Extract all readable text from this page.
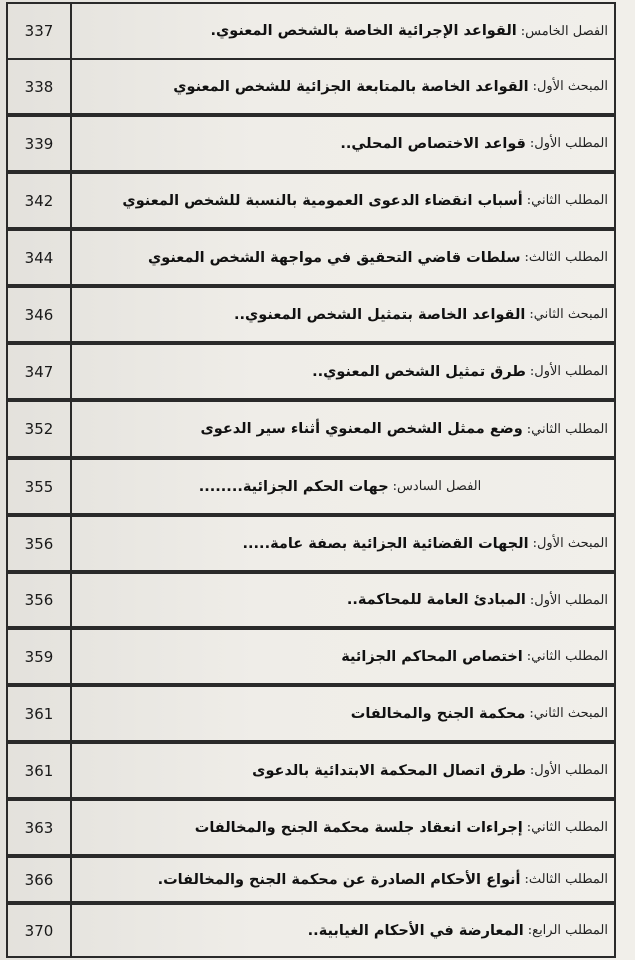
337	الفصل الخامس:
القواعد الإجرائية الخاصة بالشخص المعنوي.
338	المبحث الأول:
القواعد الخاصة بالمتابعة الجزائية للشخص المعنوي
339	المطلب الأول:
قواعد الاختصاص المحلي..
342	المطلب الثاني:
أسباب انقضاء الدعوى العمومية بالنسبة للشخص المعنوي
344	المطلب الثالث:
سلطات قاضي التحقيق في مواجهة الشخص المعنوي
346	المبحث الثاني:
القواعد الخاصة بتمثيل الشخص المعنوي..
347	المطلب الأول:
طرق تمثيل الشخص المعنوي..
352	المطلب الثاني:
وضع ممثل الشخص المعنوي أثناء سير الدعوى
355	الفصل السادس:
جهات الحكم الجزائية........
356	المبحث الأول:
الجهات القضائية الجزائية بصفة عامة.....
356	المطلب الأول:
المبادئ العامة للمحاكمة..
359	المطلب الثاني:
اختصاص المحاكم الجزائية
361	المبحث الثاني:
محكمة الجنح والمخالفات
361	المطلب الأول:
طرق اتصال المحكمة الابتدائية بالدعوى
363	المطلب الثاني:
إجراءات انعقاد جلسة محكمة الجنح والمخالفات
366	المطلب الثالث:
أنواع الأحكام الصادرة عن محكمة الجنح والمخالفات.
370	المطلب الرابع:
المعارضة في الأحكام الغيابية..
